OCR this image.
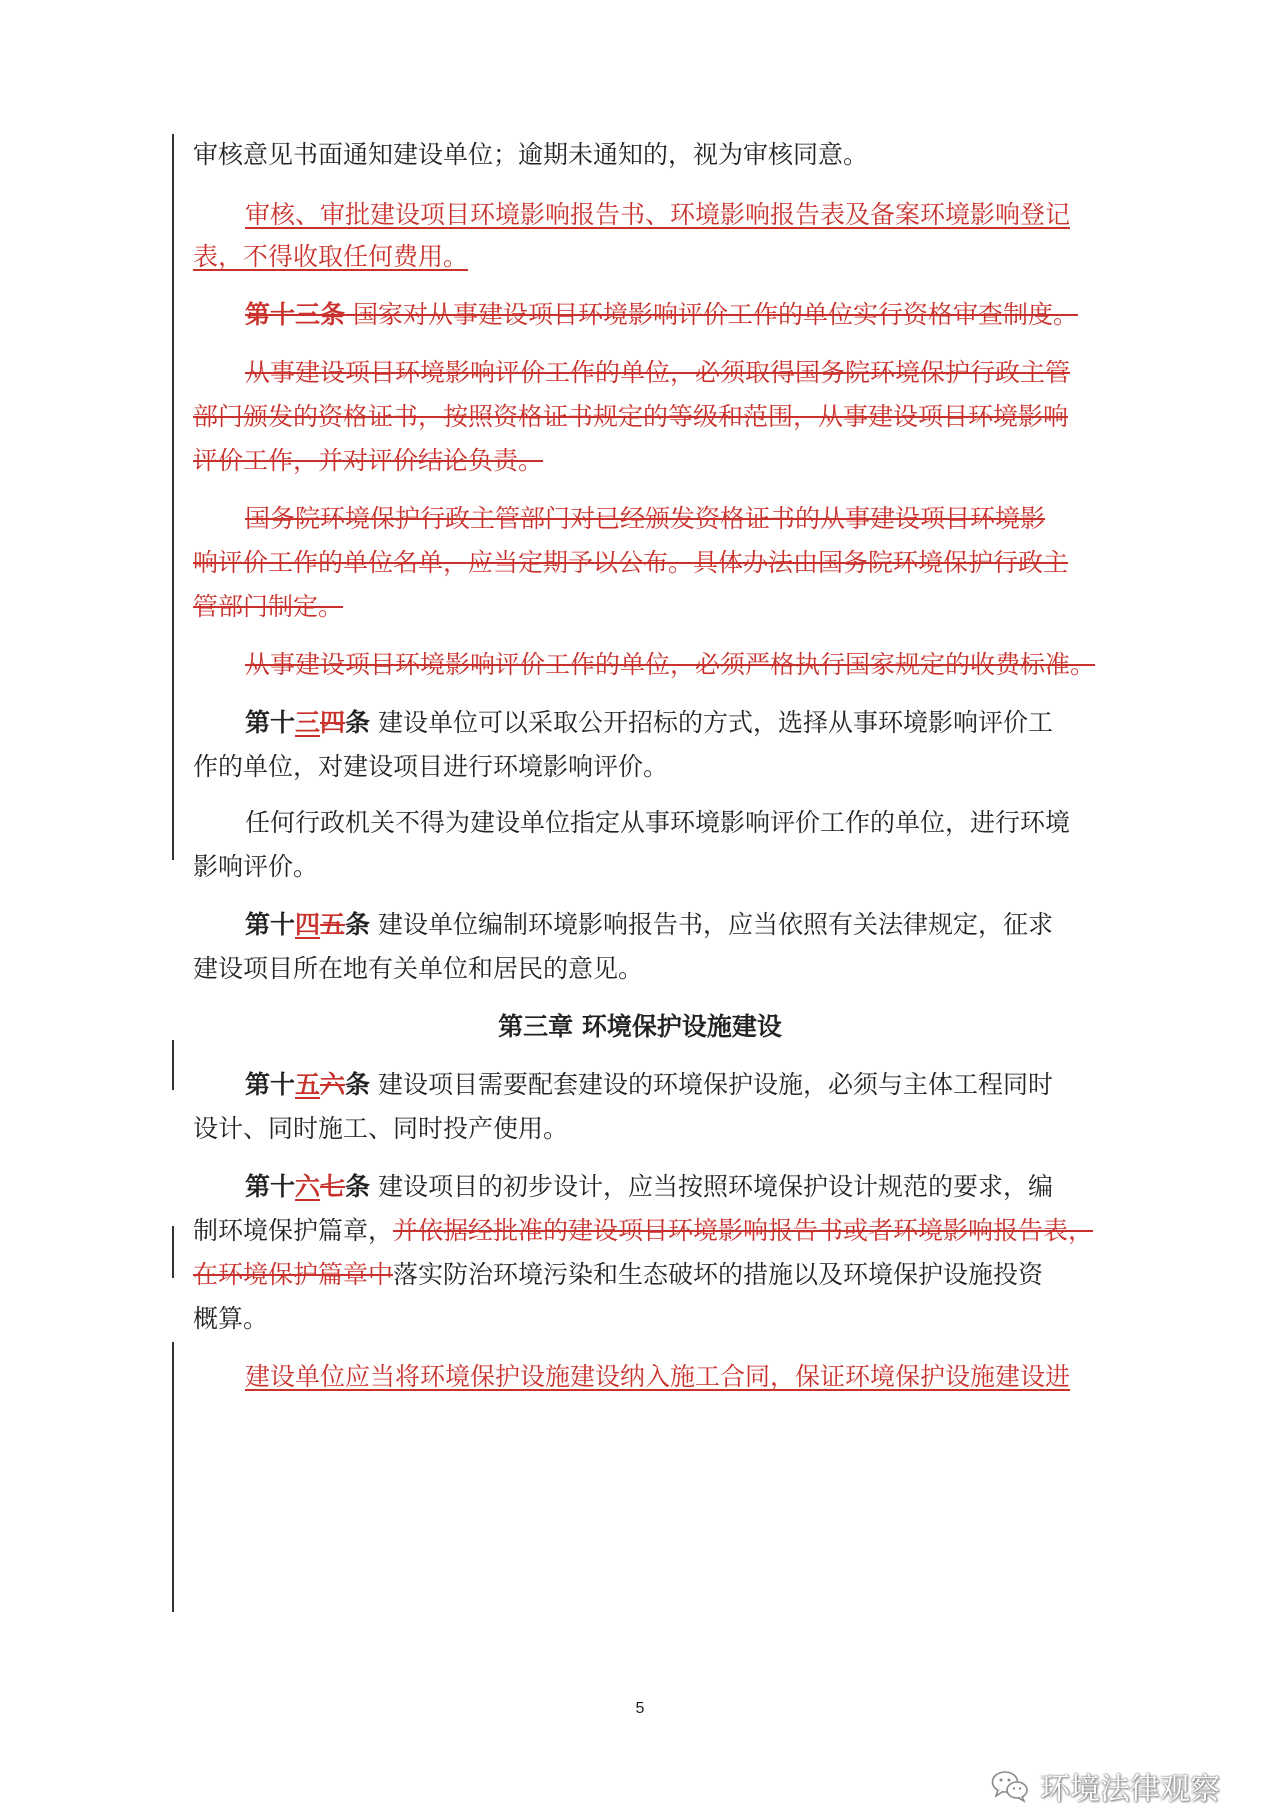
审核意见书面通知建设单位；逾期未通知的，视为审核同意。
审核、审批建设项目环境影响报告书、环境影响报告表及备案环境影响登记
表，不得收取任何费用。
第十三条 国家对从事建设项目环境影响评价工作的单位实行资格审查制度。
从事建设项目环境影响评价工作的单位，必须取得国务院环境保护行政主管
部门颁发的资格证书，按照资格证书规定的等级和范围，从事建设项目环境影响
评价工作，并对评价结论负责。
国务院环境保护行政主管部门对已经颁发资格证书的从事建设项目环境影
响评价工作的单位名单，应当定期予以公布。具体办法由国务院环境保护行政主
管部门制定。
从事建设项目环境影响评价工作的单位，必须严格执行国家规定的收费标准。
第十三四条 建设单位可以采取公开招标的方式，选择从事环境影响评价工
作的单位，对建设项目进行环境影响评价。
任何行政机关不得为建设单位指定从事环境影响评价工作的单位，进行环境
影响评价。
第十四五条 建设单位编制环境影响报告书，应当依照有关法律规定，征求
建设项目所在地有关单位和居民的意见。
第三章 环境保护设施建设
第十五六条 建设项目需要配套建设的环境保护设施，必须与主体工程同时
设计、同时施工、同时投产使用。
第十六七条 建设项目的初步设计，应当按照环境保护设计规范的要求，编
制环境保护篇章，并依据经批准的建设项目环境影响报告书或者环境影响报告表，
在环境保护篇章中落实防治环境污染和生态破坏的措施以及环境保护设施投资
概算。
建设单位应当将环境保护设施建设纳入施工合同，保证环境保护设施建设进
5
环境法律观察
